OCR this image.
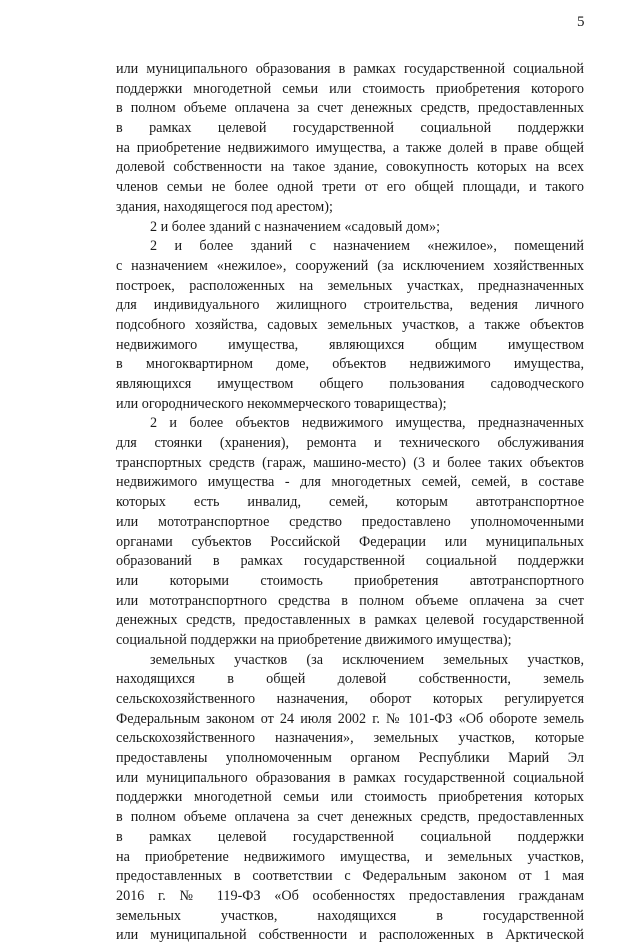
5
или муниципального образования в рамках государственной социальной
поддержки многодетной семьи или стоимость приобретения которого
в полном объеме оплачена за счет денежных средств, предоставленных
в рамках целевой государственной социальной поддержки
на приобретение недвижимого имущества, а также долей в праве общей
долевой собственности на такое здание, совокупность которых на всех
членов семьи не более одной трети от его общей площади, и такого
здания, находящегося под арестом);
2 и более зданий с назначением «садовый дом»;
2 и более зданий с назначением «нежилое», помещений
с назначением «нежилое», сооружений (за исключением хозяйственных
построек, расположенных на земельных участках, предназначенных
для индивидуального жилищного строительства, ведения личного
подсобного хозяйства, садовых земельных участков, а также объектов
недвижимого имущества, являющихся общим имуществом
в многоквартирном доме, объектов недвижимого имущества,
являющихся имуществом общего пользования садоводческого
или огороднического некоммерческого товарищества);
2 и более объектов недвижимого имущества, предназначенных
для стоянки (хранения), ремонта и технического обслуживания
транспортных средств (гараж, машино-место) (3 и более таких объектов
недвижимого имущества - для многодетных семей, семей, в составе
которых есть инвалид, семей, которым автотранспортное
или мототранспортное средство предоставлено уполномоченными
органами субъектов Российской Федерации или муниципальных
образований в рамках государственной социальной поддержки
или которыми стоимость приобретения автотранспортного
или мототранспортного средства в полном объеме оплачена за счет
денежных средств, предоставленных в рамках целевой государственной
социальной поддержки на приобретение движимого имущества);
земельных участков (за исключением земельных участков,
находящихся в общей долевой собственности, земель
сельскохозяйственного назначения, оборот которых регулируется
Федеральным законом от 24 июля 2002 г. № 101-ФЗ «Об обороте земель
сельскохозяйственного назначения», земельных участков, которые
предоставлены уполномоченным органом Республики Марий Эл
или муниципального образования в рамках государственной социальной
поддержки многодетной семьи или стоимость приобретения которых
в полном объеме оплачена за счет денежных средств, предоставленных
в рамках целевой государственной социальной поддержки
на приобретение недвижимого имущества, и земельных участков,
предоставленных в соответствии с Федеральным законом от 1 мая
2016 г. № 119-ФЗ «Об особенностях предоставления гражданам
земельных участков, находящихся в государственной
или муниципальной собственности и расположенных в Арктической
